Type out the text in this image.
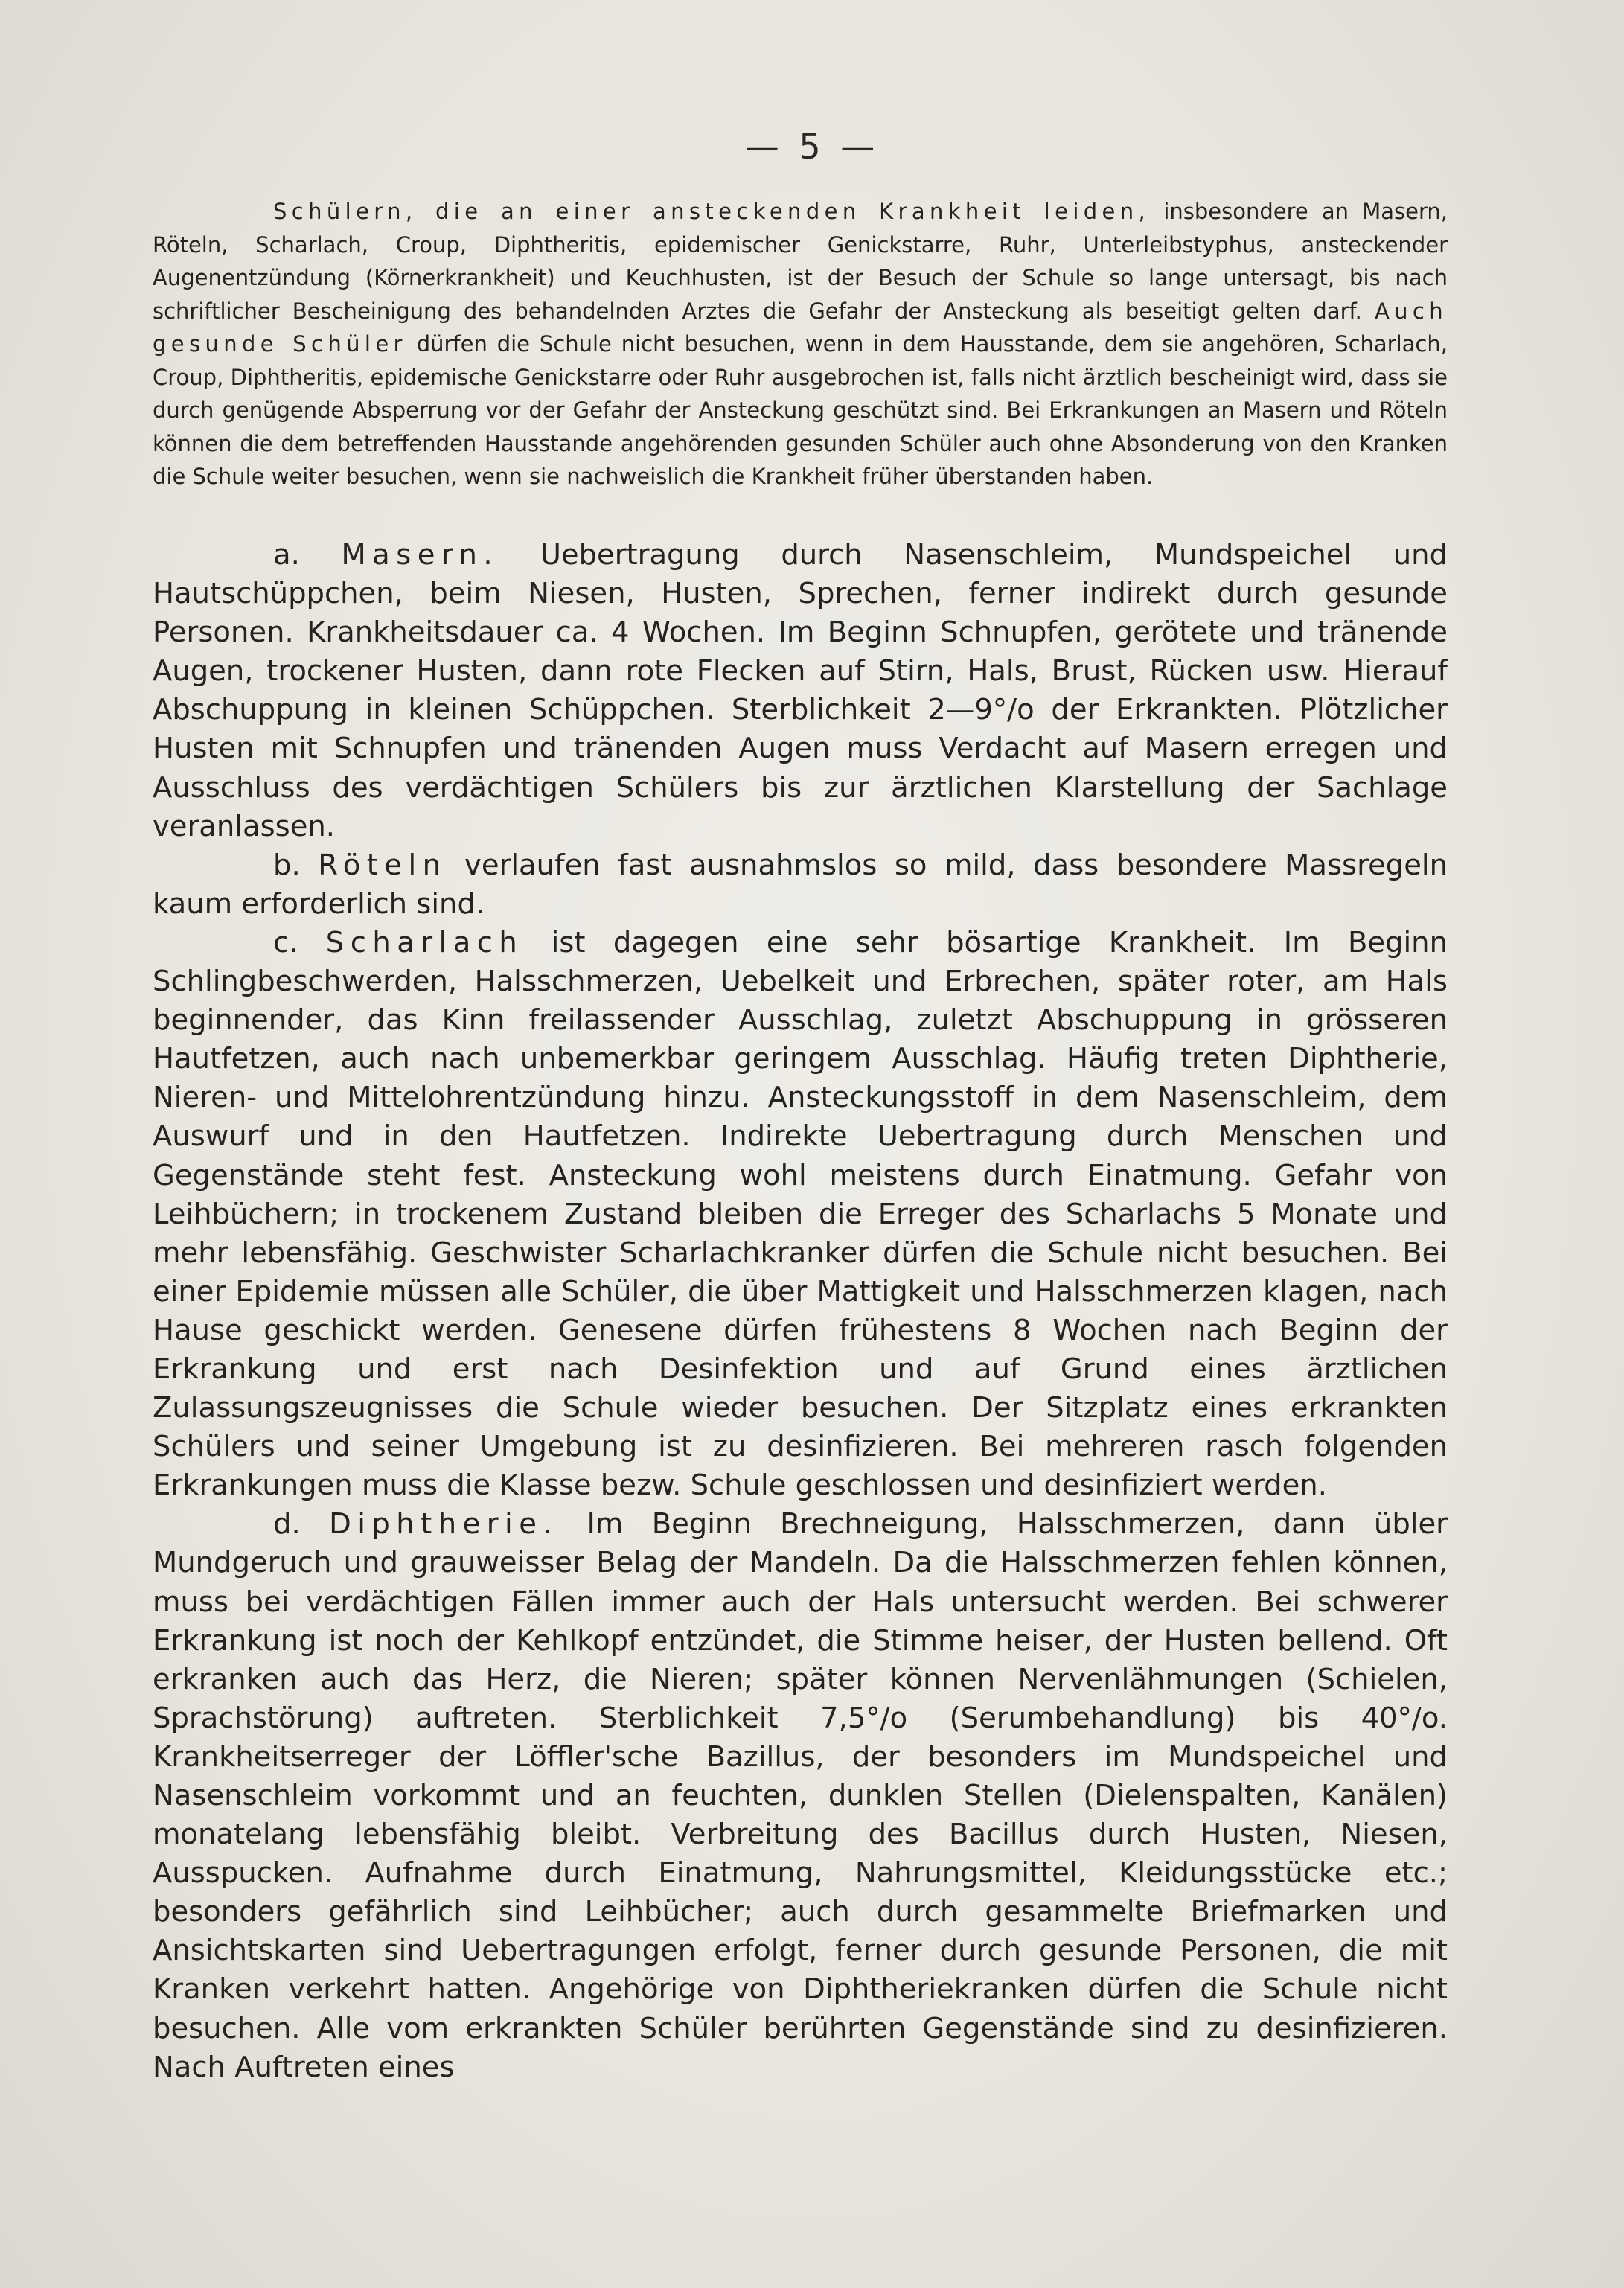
— 5 —

Schülern, die an einer ansteckenden Krankheit leiden, insbesondere an Masern, Röteln, Scharlach, Croup, Diphtheritis, epidemischer Genickstarre, Ruhr, Unterleibstyphus, ansteckender Augenentzündung (Körnerkrankheit) und Keuchhusten, ist der Besuch der Schule so lange untersagt, bis nach schriftlicher Bescheinigung des behandelnden Arztes die Gefahr der Ansteckung als beseitigt gelten darf. Auch gesunde Schüler dürfen die Schule nicht besuchen, wenn in dem Hausstande, dem sie angehören, Scharlach, Croup, Diphtheritis, epidemische Genickstarre oder Ruhr ausgebrochen ist, falls nicht ärztlich bescheinigt wird, dass sie durch genügende Absperrung vor der Gefahr der Ansteckung geschützt sind. Bei Erkrankungen an Masern und Röteln können die dem betreffenden Hausstande angehörenden gesunden Schüler auch ohne Absonderung von den Kranken die Schule weiter besuchen, wenn sie nachweislich die Krankheit früher überstanden haben.

a. Masern. Uebertragung durch Nasenschleim, Mundspeichel und Hautschüppchen, beim Niesen, Husten, Sprechen, ferner indirekt durch gesunde Personen. Krankheitsdauer ca. 4 Wochen. Im Beginn Schnupfen, gerötete und tränende Augen, trockener Husten, dann rote Flecken auf Stirn, Hals, Brust, Rücken usw. Hierauf Abschuppung in kleinen Schüppchen. Sterblichkeit 2—9°/o der Erkrankten. Plötzlicher Husten mit Schnupfen und tränenden Augen muss Verdacht auf Masern erregen und Ausschluss des verdächtigen Schülers bis zur ärztlichen Klarstellung der Sachlage veranlassen.

b. Röteln verlaufen fast ausnahmslos so mild, dass besondere Massregeln kaum erforderlich sind.

c. Scharlach ist dagegen eine sehr bösartige Krankheit. Im Beginn Schlingbeschwerden, Halsschmerzen, Uebelkeit und Erbrechen, später roter, am Hals beginnender, das Kinn freilassender Ausschlag, zuletzt Abschuppung in grösseren Hautfetzen, auch nach unbemerkbar geringem Ausschlag. Häufig treten Diphtherie, Nieren- und Mittelohrentzündung hinzu. Ansteckungsstoff in dem Nasenschleim, dem Auswurf und in den Hautfetzen. Indirekte Uebertragung durch Menschen und Gegenstände steht fest. Ansteckung wohl meistens durch Einatmung. Gefahr von Leihbüchern; in trockenem Zustand bleiben die Erreger des Scharlachs 5 Monate und mehr lebensfähig. Geschwister Scharlachkranker dürfen die Schule nicht besuchen. Bei einer Epidemie müssen alle Schüler, die über Mattigkeit und Halsschmerzen klagen, nach Hause geschickt werden. Genesene dürfen frühestens 8 Wochen nach Beginn der Erkrankung und erst nach Desinfektion und auf Grund eines ärztlichen Zulassungszeugnisses die Schule wieder besuchen. Der Sitzplatz eines erkrankten Schülers und seiner Umgebung ist zu desinfizieren. Bei mehreren rasch folgenden Erkrankungen muss die Klasse bezw. Schule geschlossen und desinfiziert werden.

d. Diphtherie. Im Beginn Brechneigung, Halsschmerzen, dann übler Mundgeruch und grauweisser Belag der Mandeln. Da die Halsschmerzen fehlen können, muss bei verdächtigen Fällen immer auch der Hals untersucht werden. Bei schwerer Erkrankung ist noch der Kehlkopf entzündet, die Stimme heiser, der Husten bellend. Oft erkranken auch das Herz, die Nieren; später können Nervenlähmungen (Schielen, Sprachstörung) auftreten. Sterblichkeit 7,5°/o (Serumbehandlung) bis 40°/o. Krankheitserreger der Löffler'sche Bazillus, der besonders im Mundspeichel und Nasenschleim vorkommt und an feuchten, dunklen Stellen (Dielenspalten, Kanälen) monatelang lebensfähig bleibt. Verbreitung des Bacillus durch Husten, Niesen, Ausspucken. Aufnahme durch Einatmung, Nahrungsmittel, Kleidungsstücke etc.; besonders gefährlich sind Leihbücher; auch durch gesammelte Briefmarken und Ansichtskarten sind Uebertragungen erfolgt, ferner durch gesunde Personen, die mit Kranken verkehrt hatten. Angehörige von Diphtheriekranken dürfen die Schule nicht besuchen. Alle vom erkrankten Schüler berührten Gegenstände sind zu desinfizieren. Nach Auftreten eines
